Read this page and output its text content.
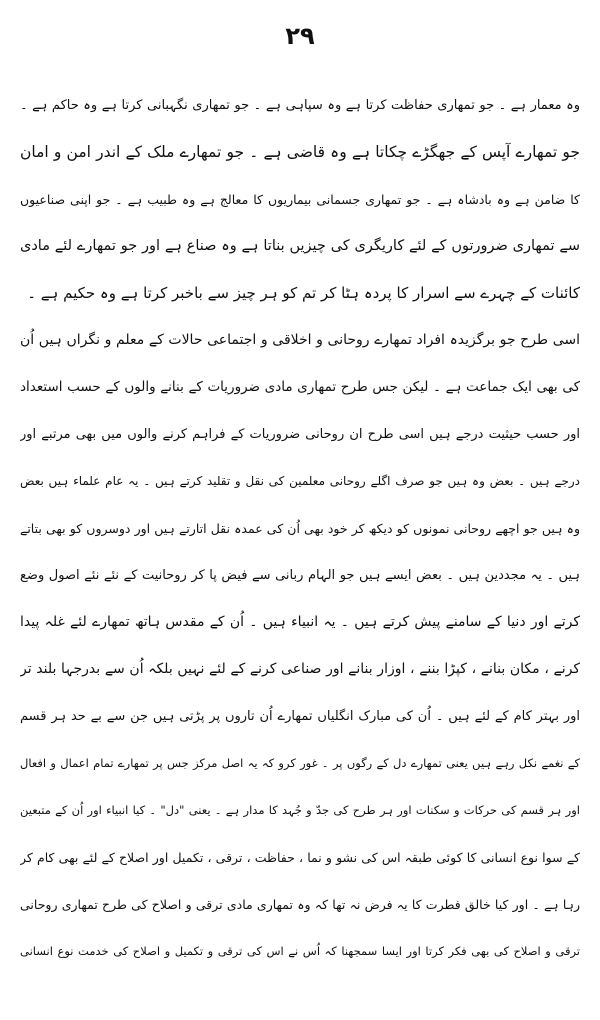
۲۹
وہ معمار ہے ۔ جو تمھاری حفاظت کرتا ہے وہ سپاہی ہے ۔ جو تمھاری نگہبانی کرتا ہے وہ حاکم ہے ۔
جو تمھارے آپس کے جھگڑے چکاتا ہے وہ قاضی ہے ۔ جو تمھارے ملک کے اندر امن و امان
کا ضامن ہے وہ بادشاہ ہے ۔ جو تمھاری جسمانی بیماریوں کا معالج ہے وہ طبیب ہے ۔ جو اپنی صناعیوں
سے تمھاری ضرورتوں کے لئے کاریگری کی چیزیں بناتا ہے وہ صناع ہے اور جو تمھارے لئے مادی
کائنات کے چہرے سے اسرار کا پردہ ہٹا کر تم کو ہر چیز سے باخبر کرتا ہے وہ حکیم ہے ۔
اسی طرح جو برگزیدہ افراد تمھارے روحانی و اخلاقی و اجتماعی حالات کے معلم و نگراں ہیں اُن
کی بھی ایک جماعت ہے ۔ لیکن جس طرح تمھاری مادی ضروریات کے بنانے والوں کے حسب استعداد
اور حسب حیثیت درجے ہیں اسی طرح ان روحانی ضروریات کے فراہم کرنے والوں میں بھی مرتبے اور
درجے ہیں ۔ بعض وہ ہیں جو صرف اگلے روحانی معلمین کی نقل و تقلید کرتے ہیں ۔ یہ عام علماء ہیں بعض
وہ ہیں جو اچھے روحانی نمونوں کو دیکھ کر خود بھی اُن کی عمدہ نقل اتارتے ہیں اور دوسروں کو بھی بتاتے
ہیں ۔ یہ مجددین ہیں ۔ بعض ایسے ہیں جو الہام ربانی سے فیض پا کر روحانیت کے نئے نئے اصول وضع
کرتے اور دنیا کے سامنے پیش کرتے ہیں ۔ یہ انبیاء ہیں ۔ اُن کے مقدس ہاتھ تمھارے لئے غلہ پیدا
کرنے ، مکان بنانے ، کپڑا بننے ، اوزار بنانے اور صناعی کرنے کے لئے نہیں بلکہ اُن سے بدرجہا بلند تر
اور بہتر کام کے لئے ہیں ۔ اُن کی مبارک انگلیاں تمھارے اُن تاروں پر پڑتی ہیں جن سے بے حد ہر قسم
کے نغمے نکل رہے ہیں یعنی تمھارے دل کے رگوں پر ۔ غور کرو کہ یہ اصل مرکز جس پر تمھارے تمام اعمال و افعال
اور ہر قسم کی حرکات و سکنات اور ہر طرح کی جدّ و جُہد کا مدار ہے ۔ یعنی "دل" ۔ کیا انبیاء اور اُن کے متبعین
کے سوا نوع انسانی کا کوئی طبقہ اس کی نشو و نما ، حفاظت ، ترقی ، تکمیل اور اصلاح کے لئے بھی کام کر
رہا ہے ۔ اور کیا خالق فطرت کا یہ فرض نہ تھا کہ وہ تمھاری مادی ترقی و اصلاح کی طرح تمھاری روحانی
ترقی و اصلاح کی بھی فکر کرتا اور ایسا سمجھنا کہ اُس نے اس کی ترقی و تکمیل و اصلاح کی خدمت نوع انسانی
